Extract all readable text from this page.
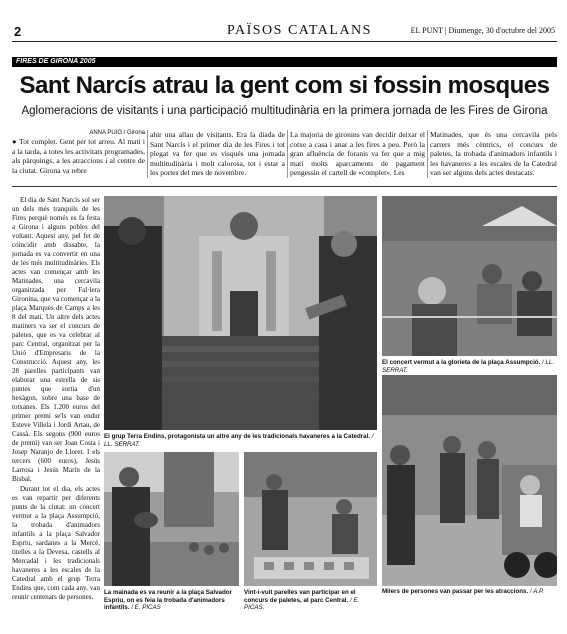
2	PAÏSOS CATALANS	EL PUNT | Diumenge, 30 d'octubre del 2005
FIRES DE GIRONA 2005
Sant Narcís atrau la gent com si fossin mosques
Aglomeracions de visitants i una participació multitudinària en la primera jornada de les Fires de Girona
ANNA PUIG / Girona
● Tot complet. Gent per tot arreu. Al matí i a la tarda, a totes les activitats programades, als pàrquings, a les atraccions i al centre de la ciutat. Girona va rebre
ahir una allau de visitants. Era la diada de Sant Narcís i el primer dia de les Fires i tot plegat va fer que es visqués una jornada multitudinària i molt calorosa, tot i estar a les portes del mes de novembre.
La majoria de gironins van decidir deixar el cotxe a casa i anar a les fires a peu. Però la gran afluència de foranis va fer que a mig matí molts aparcaments de pagament pengessin el cartell de «complet». Les
Matinades, que és una cercavila pels carrers més cèntrics, el concurs de paletes, la trobada d'animadors infantils i les havaneres a les escales de la Catedral van ser alguns dels actes destacats.

El dia de Sant Narcís sol ser un dels més tranquils de les Fires perquè només es fa festa a Girona i alguns pobles del voltant. Aquest any, pel fet de coincidir amb dissabte, la jornada es va convertir en una de les més multitudinàries. Els actes van començar amb les Matinades, una cercavila organitzada per Fal·lera Gironina, que va començar a la plaça Marquès de Camps a les 8 del matí. Un altre dels actes matiners va ser el concurs de paletes, que es va celebrar al parc Central, organitzat per la Unió d'Empresaris de la Construcció. Aquest any, les 28 parelles participants van elaborar una estrella de sis puntes que sortia d'un hexàgon, sobre una base de totxanes. Els 1.200 euros del primer premi se'ls van endur Esteve Villela i Jordi Artau, de Cassà. Els segons (900 euros de premi) van ser Joan Costa i Josep Naranjo de Lloret. I els tercers (600 euros), Jesús Larrosa i Jesús Marín de la Bisbal.

Durant tot el dia, els actes es van repartir per diferents punts de la ciutat: un concert vermut a la plaça Assumpció, la trobada d'animadors infantils a la plaça Salvador Espriu, sardanes a la Mercè, titelles a la Devesa, castells al Mercadal i les tradicionals havaneres a les escales de la Catedral amb el grup Terra Endins que, com cada any, van reunir centenars de persones.

El grup Terra Endins, protagonista un altre any de les tradicionals havaneres a la Catedral. / LL. SERRAT.
El concert vermut a la glorieta de la plaça Assumpció. / LL. SERRAT.
Milers de persones van passar per les atraccions. / A.P.
La mainada es va reunir a la plaça Salvador Espriu, on es feia la trobada d'animadors infantils. / E. PICAS
Vint-i-vuit parelles van participar en el concurs de paletes, al parc Central. / E. PICAS.
